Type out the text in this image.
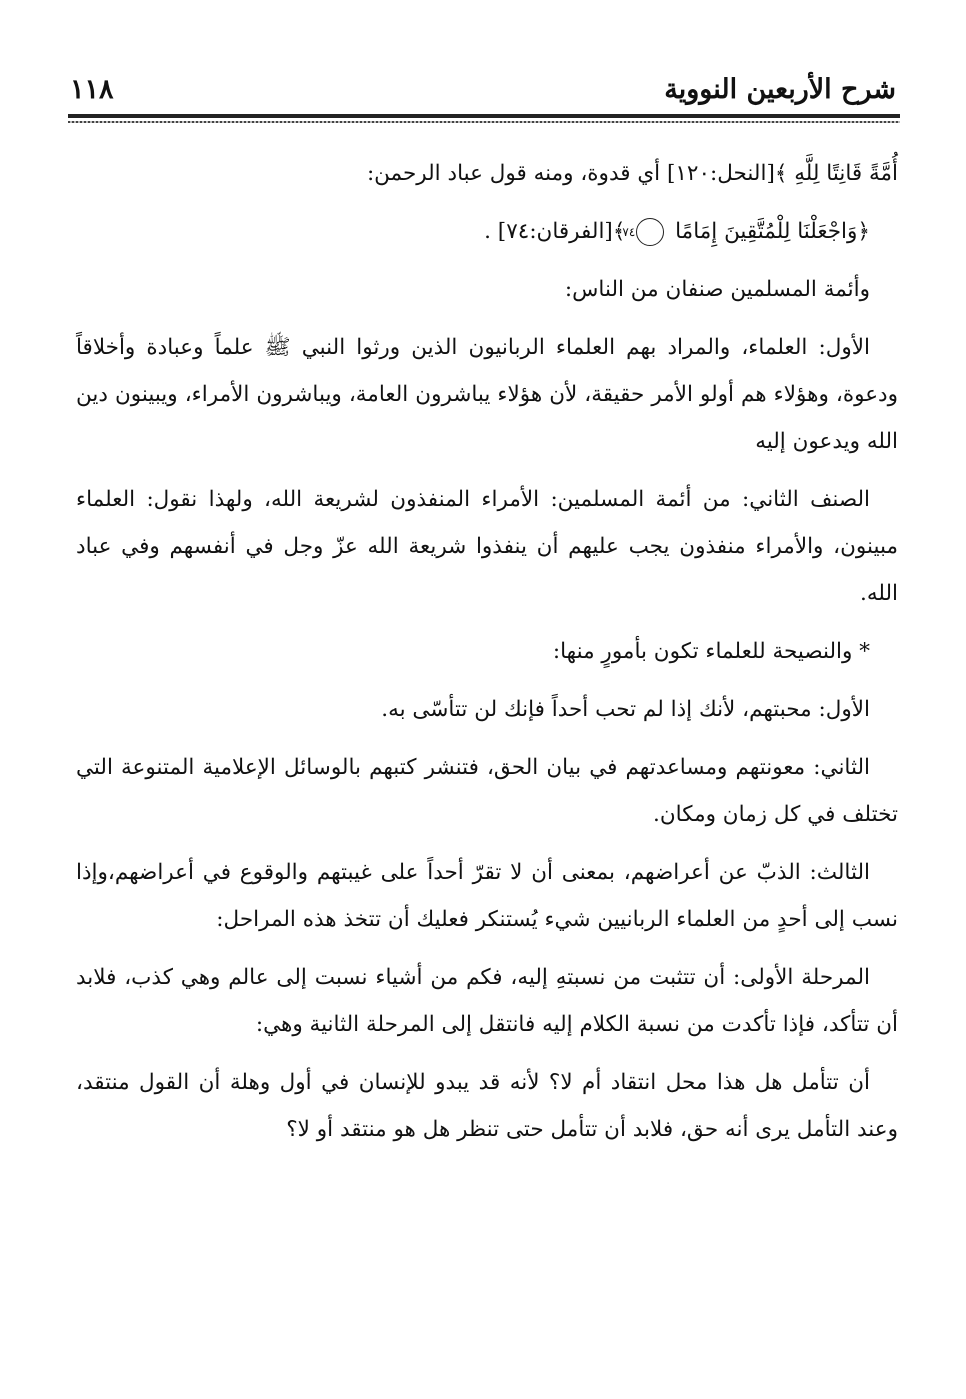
شرح الأربعين النووية
١١٨

أُمَّةً قَانِتًا لِلَّهِ ﴾[النحل:١٢٠] أي قدوة، ومنه قول عباد الرحمن:

﴿وَاجْعَلْنَا لِلْمُتَّقِينَ إِمَامًا ٧٤ ﴾[الفرقان:٧٤] .

وأئمة المسلمين صنفان من الناس:

الأول: العلماء، والمراد بهم العلماء الربانيون الذين ورثوا النبي ﷺ علماً وعبادة وأخلاقاً ودعوة، وهؤلاء هم أولو الأمر حقيقة، لأن هؤلاء يباشرون العامة، ويباشرون الأمراء، ويبينون دين الله ويدعون إليه

الصنف الثاني: من أئمة المسلمين: الأمراء المنفذون لشريعة الله، ولهذا نقول: العلماء مبينون، والأمراء منفذون يجب عليهم أن ينفذوا شريعة الله عزّ وجل في أنفسهم وفي عباد الله.

* والنصيحة للعلماء تكون بأمورٍ منها:

الأول: محبتهم، لأنك إذا لم تحب أحداً فإنك لن تتأسّى به.

الثاني: معونتهم ومساعدتهم في بيان الحق، فتنشر كتبهم بالوسائل الإعلامية المتنوعة التي تختلف في كل زمان ومكان.

الثالث: الذبّ عن أعراضهم، بمعنى أن لا تقرّ أحداً على غيبتهم والوقوع في أعراضهم،وإذا نسب إلى أحدٍ من العلماء الربانيين شيء يُستنكر فعليك أن تتخذ هذه المراحل:

المرحلة الأولى: أن تتثبت من نسبتهِ إليه، فكم من أشياء نسبت إلى عالم وهي كذب، فلابد أن تتأكد، فإذا تأكدت من نسبة الكلام إليه فانتقل إلى المرحلة الثانية وهي:

أن تتأمل هل هذا محل انتقاد أم لا؟ لأنه قد يبدو للإنسان في أول وهلة أن القول منتقد، وعند التأمل يرى أنه حق، فلابد أن تتأمل حتى تنظر هل هو منتقد أو لا؟
